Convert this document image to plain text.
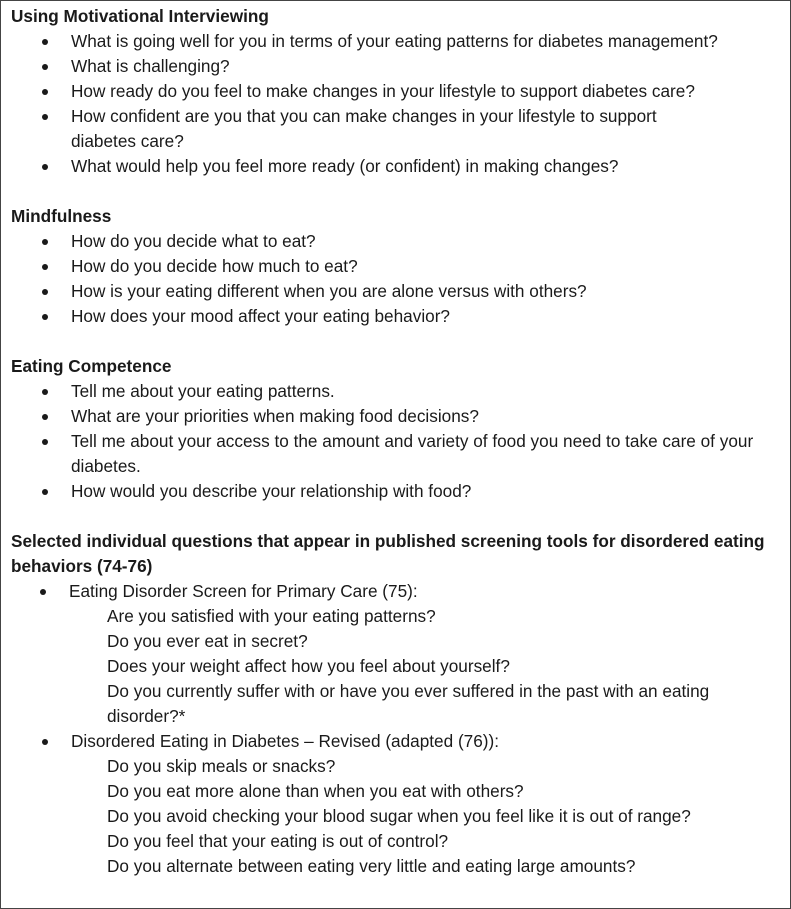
Using Motivational Interviewing
What is going well for you in terms of your eating patterns for diabetes management?
What is challenging?
How ready do you feel to make changes in your lifestyle to support diabetes care?
How confident are you that you can make changes in your lifestyle to support diabetes care?
What would help you feel more ready (or confident) in making changes?
Mindfulness
How do you decide what to eat?
How do you decide how much to eat?
How is your eating different when you are alone versus with others?
How does your mood affect your eating behavior?
Eating Competence
Tell me about your eating patterns.
What are your priorities when making food decisions?
Tell me about your access to the amount and variety of food you need to take care of your diabetes.
How would you describe your relationship with food?
Selected individual questions that appear in published screening tools for disordered eating behaviors (74-76)
Eating Disorder Screen for Primary Care (75):
Are you satisfied with your eating patterns?
Do you ever eat in secret?
Does your weight affect how you feel about yourself?
Do you currently suffer with or have you ever suffered in the past with an eating disorder?*
Disordered Eating in Diabetes – Revised (adapted (76)):
Do you skip meals or snacks?
Do you eat more alone than when you eat with others?
Do you avoid checking your blood sugar when you feel like it is out of range?
Do you feel that your eating is out of control?
Do you alternate between eating very little and eating large amounts?
